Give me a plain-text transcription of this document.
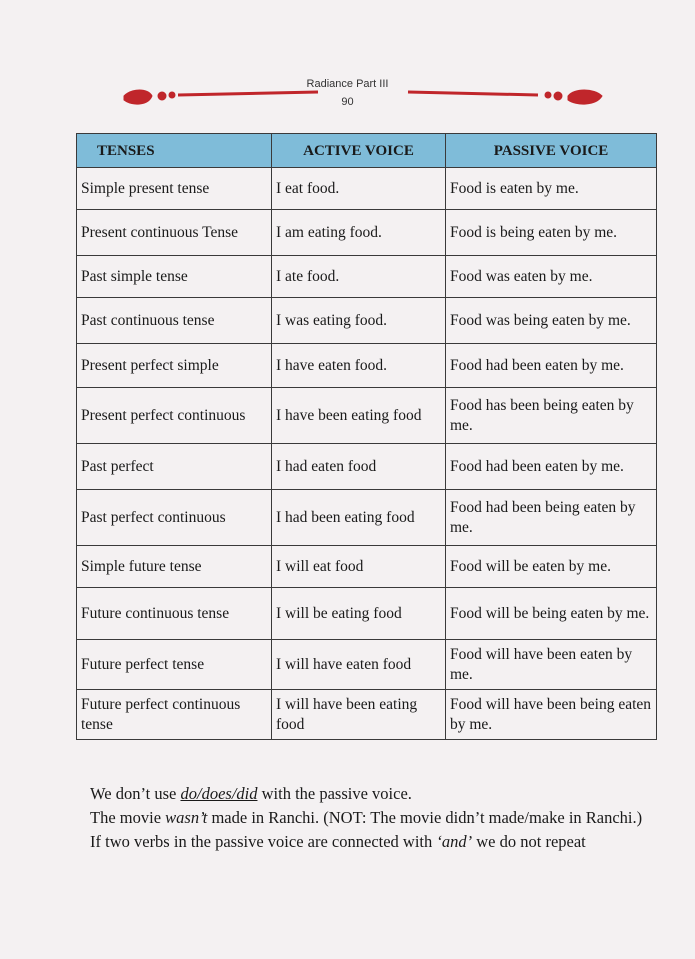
Radiance Part III
90
TENSES	ACTIVE VOICE	PASSIVE VOICE
Simple present tense	I eat food.	Food is eaten by me.
Present continuous Tense	I am eating food.	Food is being eaten by me.
Past simple tense	I ate food.	Food was eaten by me.
Past continuous tense	I was eating food.	Food was being eaten by me.
Present perfect simple	I have eaten food.	Food had been eaten by me.
Present perfect continuous	I have been eating food	Food has been being eaten by me.
Past perfect	I had eaten food	Food had been eaten by me.
Past perfect continuous	I had been eating food	Food had been being eaten by me.
Simple future tense	I will eat food	Food will be eaten by me.
Future continuous tense	I will be eating food	Food will be being eaten by me.
Future perfect tense	I will have eaten food	Food will have been eaten by me.
Future perfect continuous tense	I will have been eating food	Food will have been being eaten by me.

We don’t use do/does/did with the passive voice.

The movie wasn’t made in Ranchi. (NOT: The movie didn’t made/make in Ranchi.)

If two verbs in the passive voice are connected with ‘and’ we do not repeat
